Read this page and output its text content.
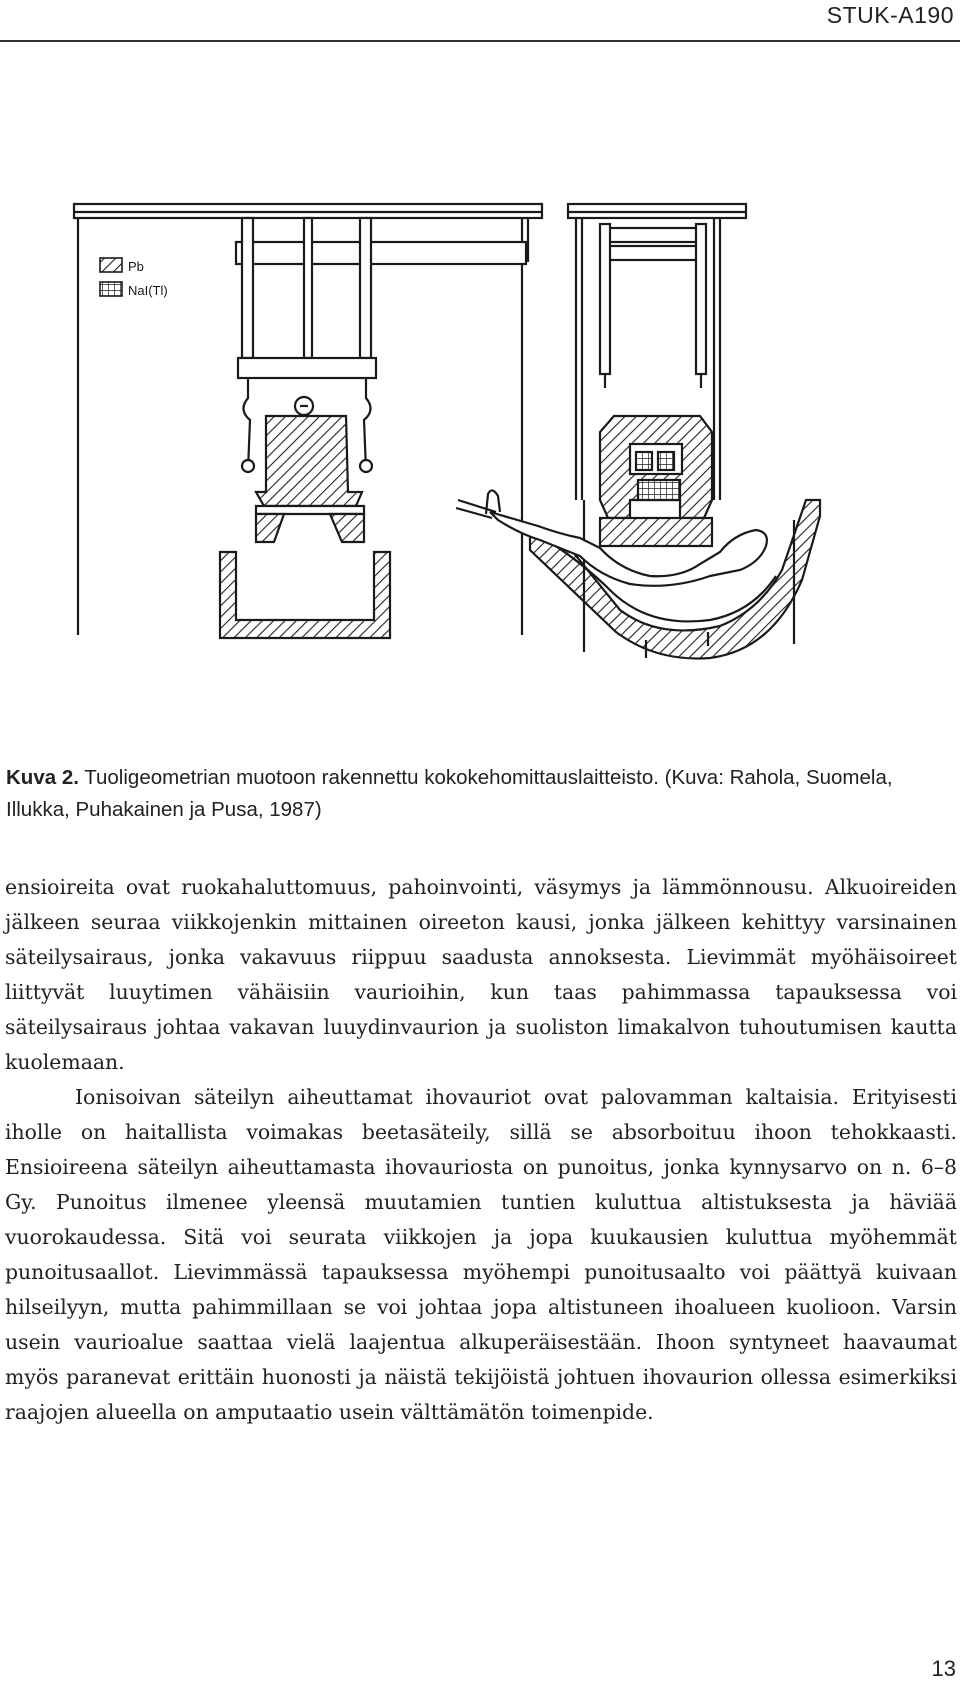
STUK-A190
Pb
NaI(Tl)
Kuva 2. Tuoligeometrian muotoon rakennettu kokokehomittauslaitteisto. (Kuva: Rahola, Suomela, Illukka, Puhakainen ja Pusa, 1987)

ensioireita ovat ruokahaluttomuus, pahoinvointi, väsymys ja lämmönnousu. Alkuoireiden jälkeen seuraa viikkojenkin mittainen oireeton kausi, jonka jälkeen kehittyy varsinainen säteilysairaus, jonka vakavuus riippuu saadusta annoksesta. Lievimmät myöhäisoireet liittyvät luuytimen vähäisiin vaurioihin, kun taas pahimmassa tapauksessa voi säteilysairaus johtaa vakavan luuydinvaurion ja suoliston limakalvon tuhoutumisen kautta kuolemaan.

Ionisoivan säteilyn aiheuttamat ihovauriot ovat palovamman kaltaisia. Erityisesti iholle on haitallista voimakas beetasäteily, sillä se absorboituu ihoon tehokkaasti. Ensioireena säteilyn aiheuttamasta ihovauriosta on punoitus, jonka kynnysarvo on n. 6–8 Gy. Punoitus ilmenee yleensä muutamien tuntien kuluttua altistuksesta ja häviää vuorokaudessa. Sitä voi seurata viikkojen ja jopa kuukausien kuluttua myöhemmät punoitusaallot. Lievimmässä tapauksessa myöhempi punoitusaalto voi päättyä kuivaan hilseilyyn, mutta pahimmillaan se voi johtaa jopa altistuneen ihoalueen kuolioon. Varsin usein vaurioalue saattaa vielä laajentua alkuperäisestään. Ihoon syntyneet haavaumat myös paranevat erittäin huonosti ja näistä tekijöistä johtuen ihovaurion ollessa esimerkiksi raajojen alueella on amputaatio usein välttämätön toimenpide.

13
